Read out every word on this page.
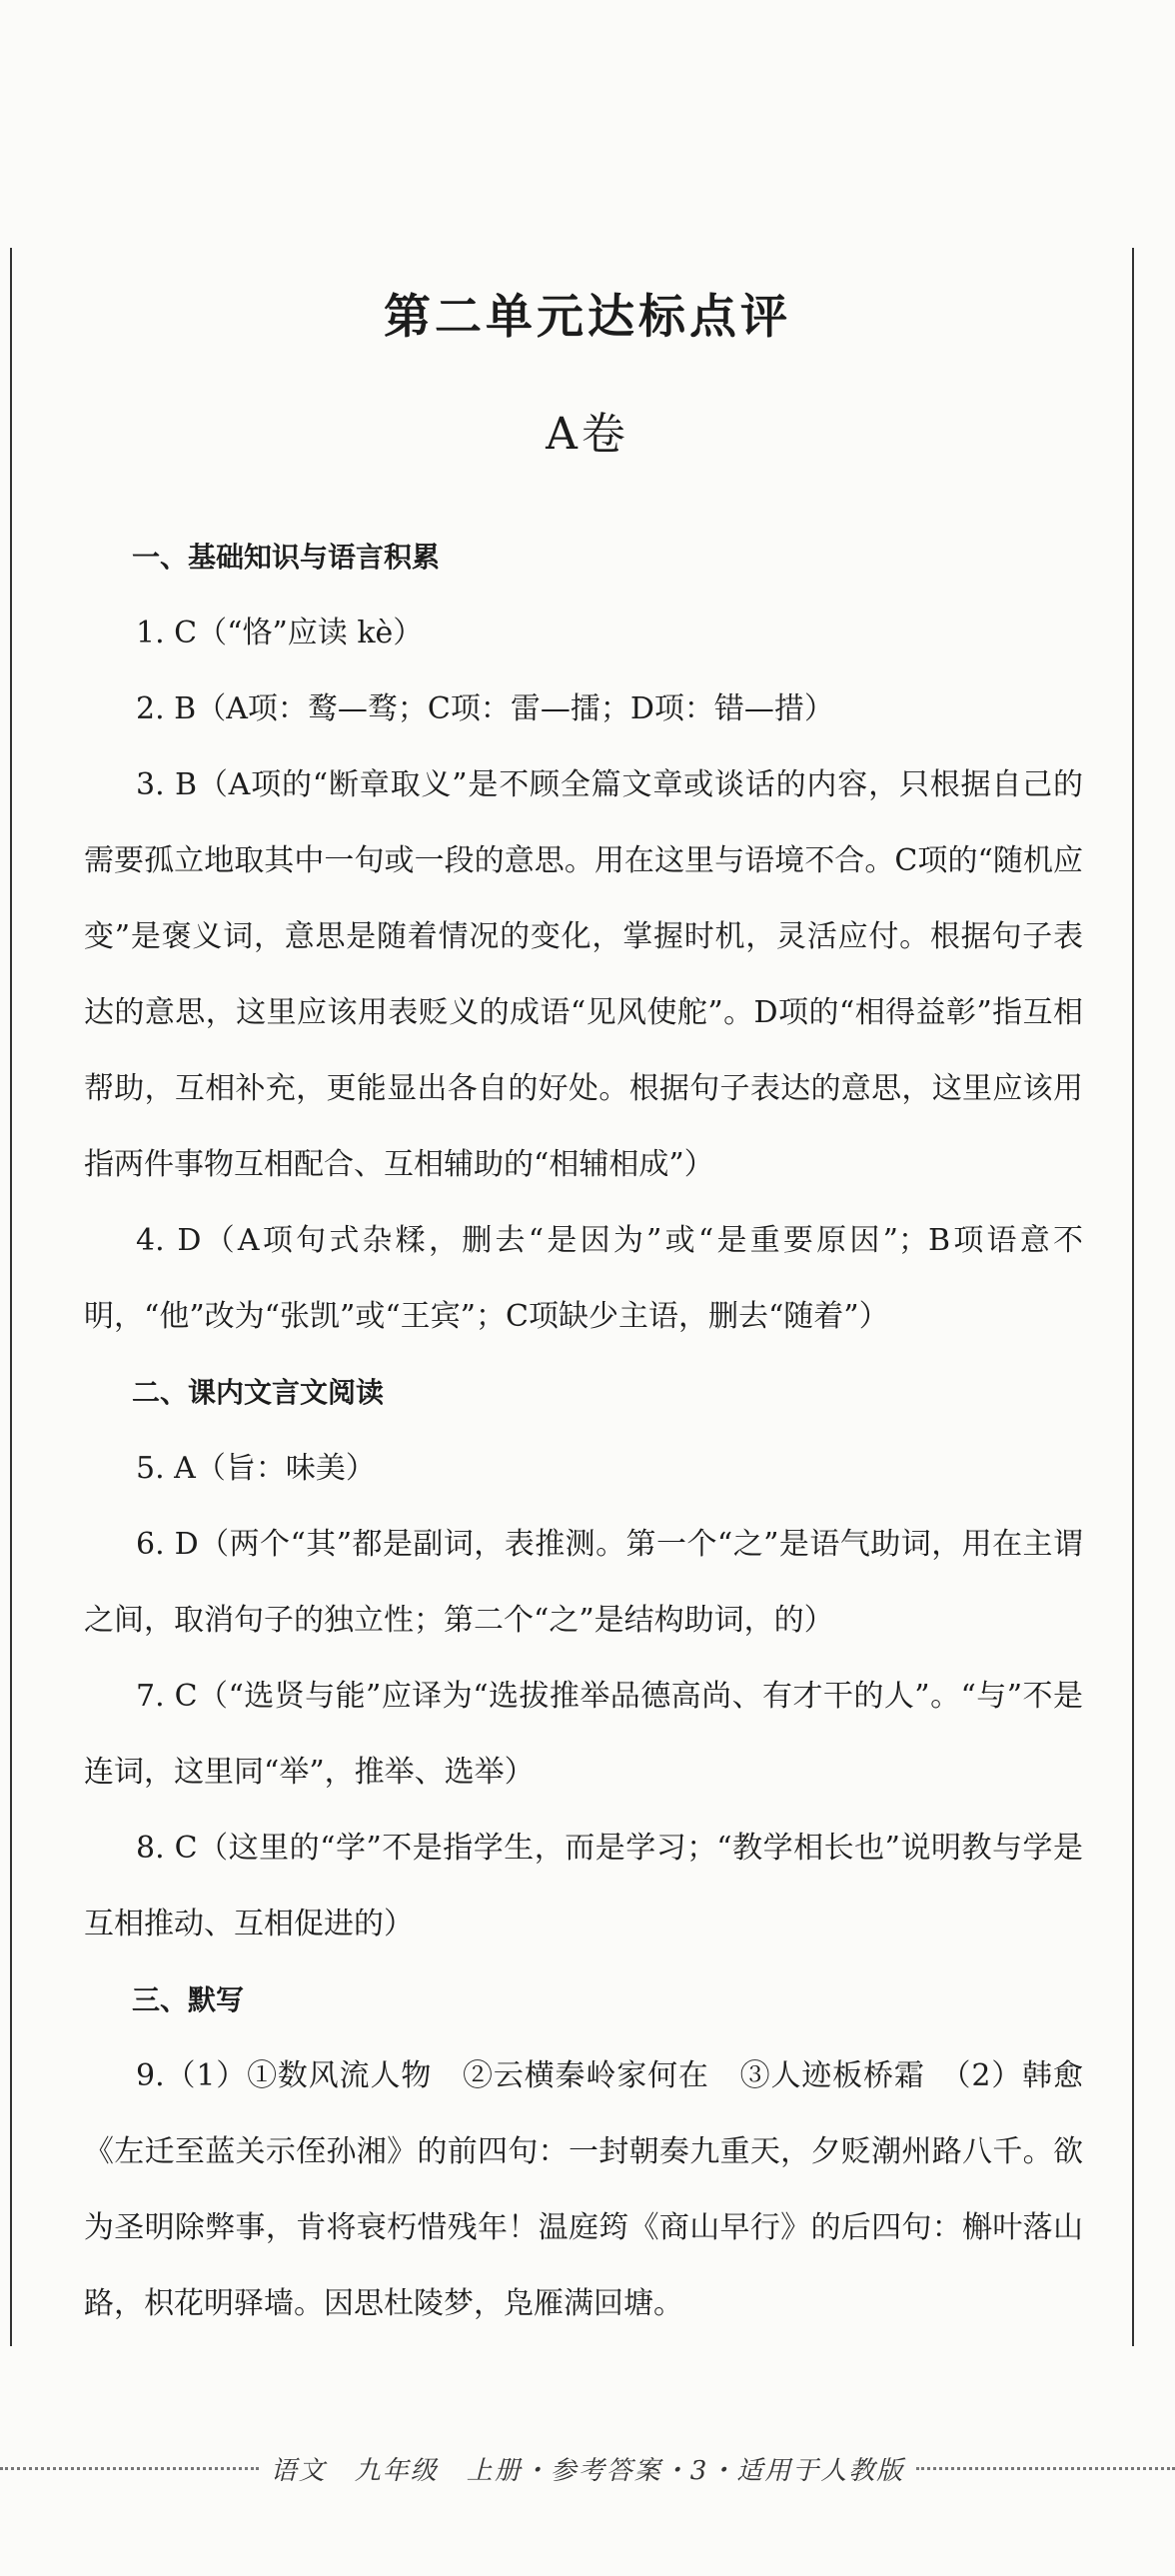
第二单元达标点评
A卷
一、基础知识与语言积累

1. C（“恪”应读 kè）

2. B（A项：鹜—骛；C项：雷—擂；D项：错—措）

3. B（A项的“断章取义”是不顾全篇文章或谈话的内容，只根据自己的需要孤立地取其中一句或一段的意思。用在这里与语境不合。C项的“随机应变”是褒义词，意思是随着情况的变化，掌握时机，灵活应付。根据句子表达的意思，这里应该用表贬义的成语“见风使舵”。D项的“相得益彰”指互相帮助，互相补充，更能显出各自的好处。根据句子表达的意思，这里应该用指两件事物互相配合、互相辅助的“相辅相成”）

4. D（A项句式杂糅，删去“是因为”或“是重要原因”；B项语意不明，“他”改为“张凯”或“王宾”；C项缺少主语，删去“随着”）

二、课内文言文阅读

5. A（旨：味美）

6. D（两个“其”都是副词，表推测。第一个“之”是语气助词，用在主谓之间，取消句子的独立性；第二个“之”是结构助词，的）

7. C（“选贤与能”应译为“选拔推举品德高尚、有才干的人”。“与”不是连词，这里同“举”，推举、选举）

8. C（这里的“学”不是指学生，而是学习；“教学相长也”说明教与学是互相推动、互相促进的）

三、默写

9.（1）①数风流人物　②云横秦岭家何在　③人迹板桥霜　（2）韩愈《左迁至蓝关示侄孙湘》的前四句：一封朝奏九重天，夕贬潮州路八千。欲为圣明除弊事，肯将衰朽惜残年！温庭筠《商山早行》的后四句：槲叶落山路，枳花明驿墙。因思杜陵梦，凫雁满回塘。

语文　九年级　上册・参考答案・3・适用于人教版
